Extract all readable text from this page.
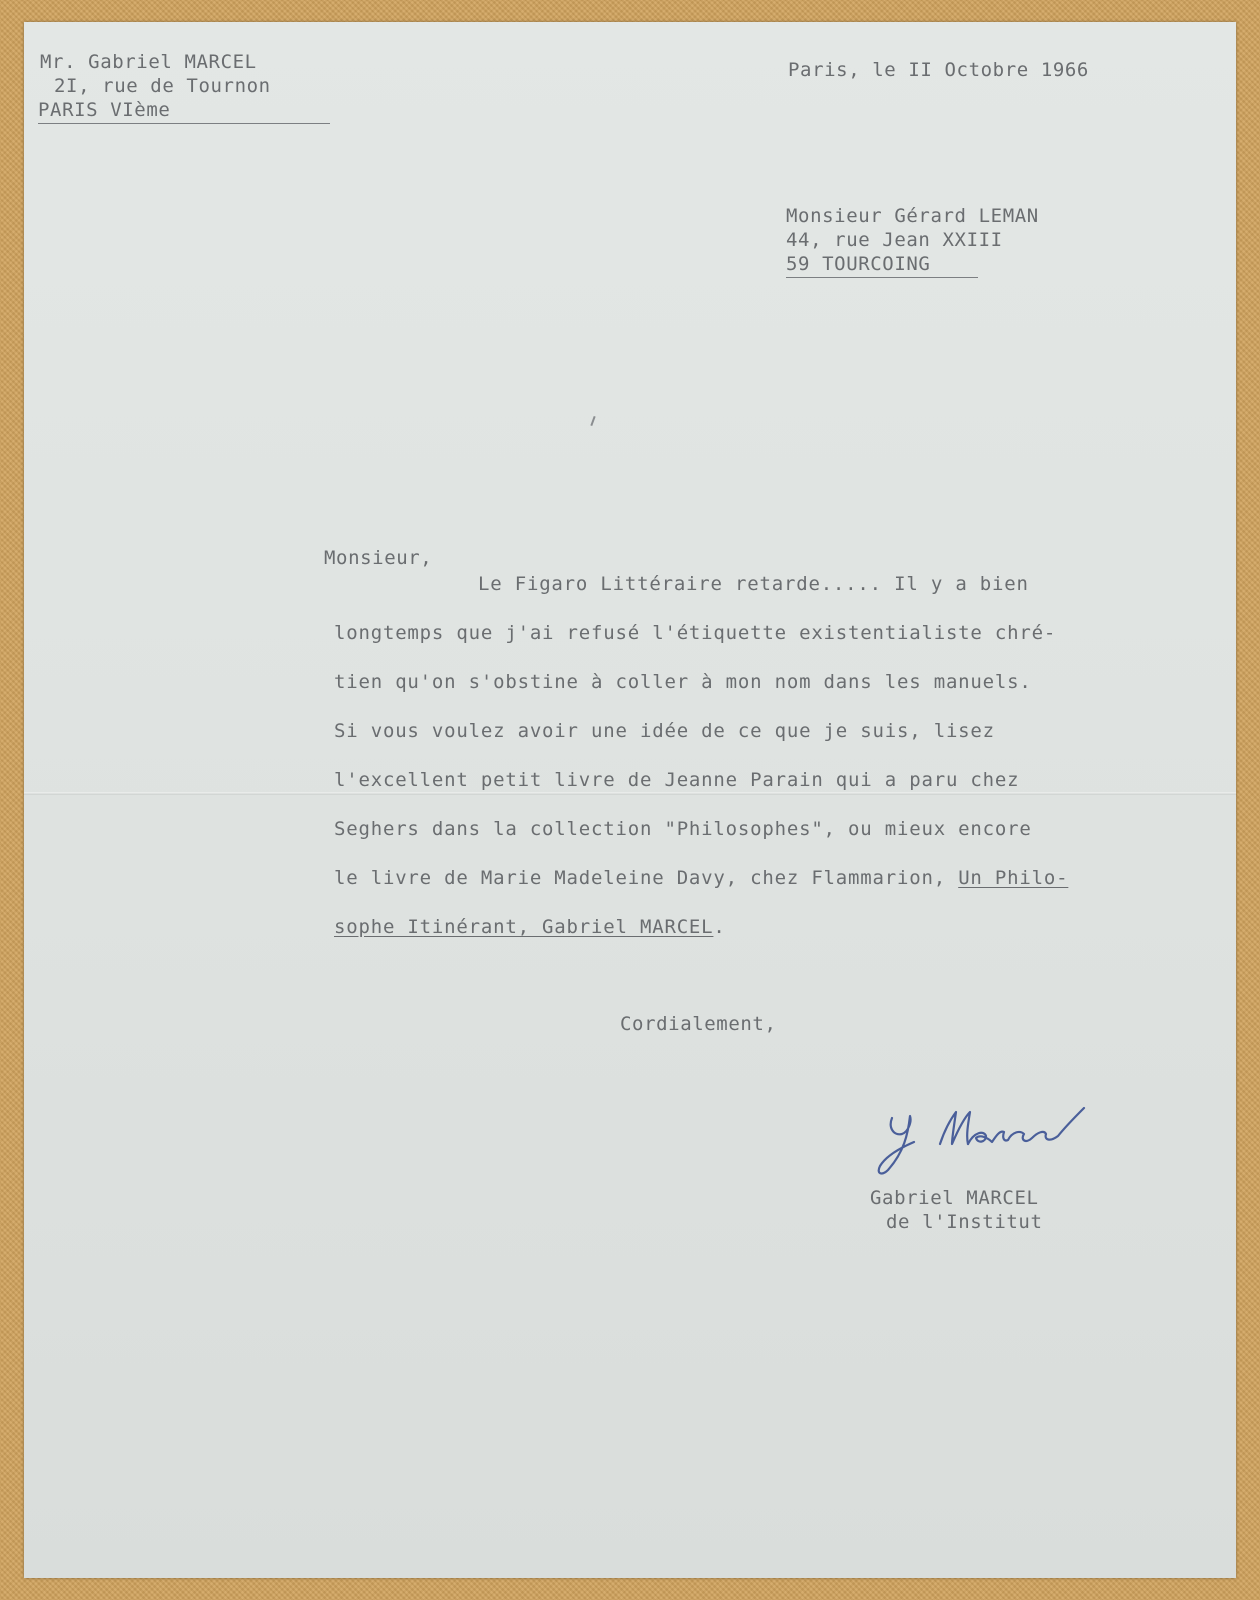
Mr. Gabriel MARCEL
2I, rue de Tournon
PARIS VIème
Paris, le II Octobre 1966
Monsieur Gérard LEMAN
44, rue Jean XXIII
59 TOURCOING
Monsieur,
Le Figaro Littéraire retarde..... Il y a bien
longtemps que j'ai refusé l'étiquette existentialiste chré-
tien qu'on s'obstine à coller à mon nom dans les manuels.
Si vous voulez avoir une idée de ce que je suis, lisez
l'excellent petit livre de Jeanne Parain qui a paru chez
Seghers dans la collection "Philosophes", ou mieux encore
le livre de Marie Madeleine Davy, chez Flammarion, Un Philo-
sophe Itinérant, Gabriel MARCEL.
Cordialement,
Gabriel MARCEL
de l'Institut
